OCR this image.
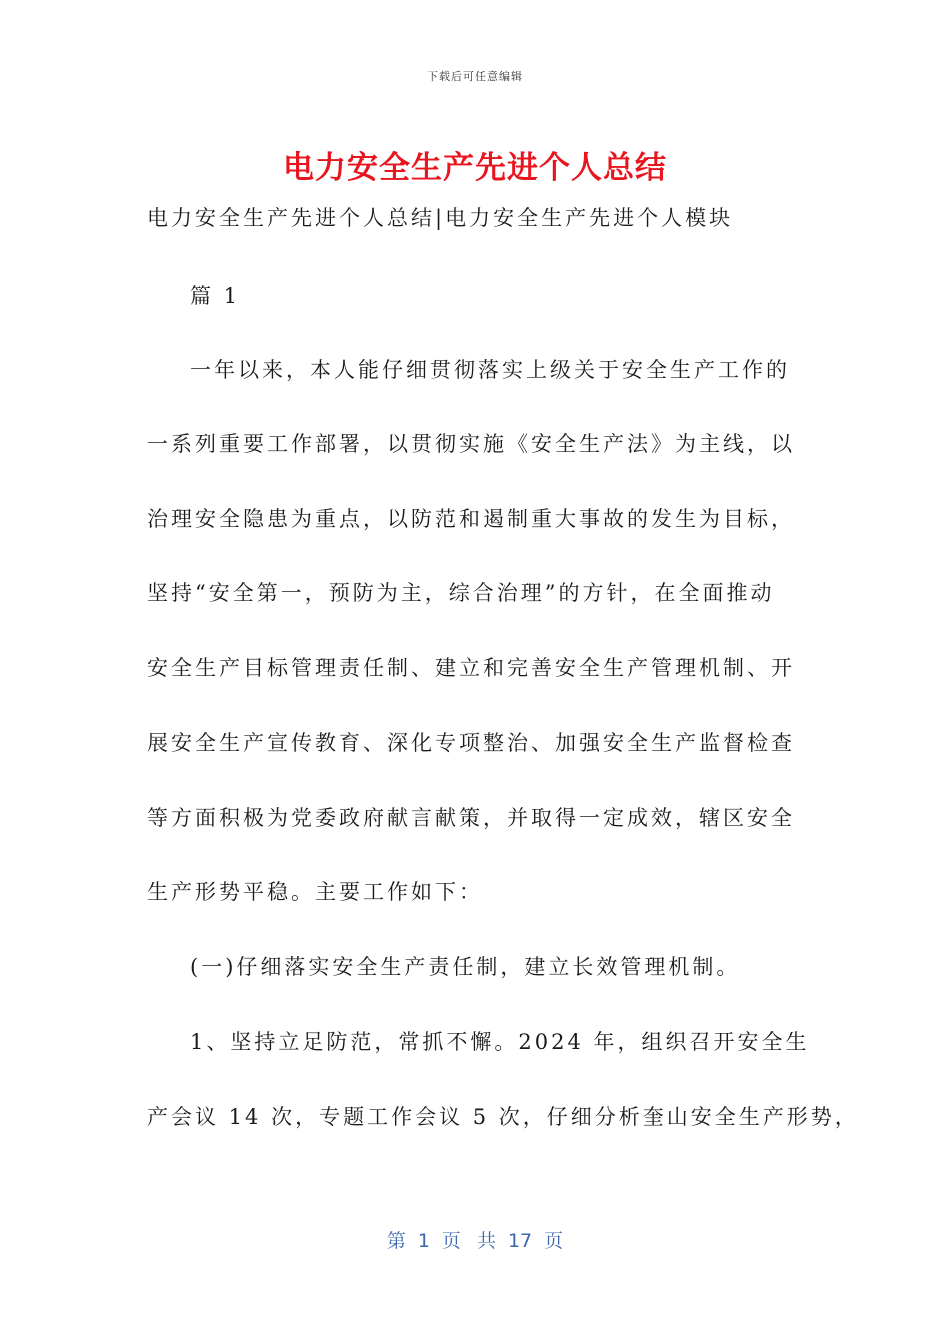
下载后可任意编辑
电力安全生产先进个人总结
电力安全生产先进个人总结|电力安全生产先进个人模块
篇 1
一年以来，本人能仔细贯彻落实上级关于安全生产工作的
一系列重要工作部署，以贯彻实施《安全生产法》为主线，以
治理安全隐患为重点，以防范和遏制重大事故的发生为目标，
坚持“安全第一，预防为主，综合治理”的方针，在全面推动
安全生产目标管理责任制、建立和完善安全生产管理机制、开
展安全生产宣传教育、深化专项整治、加强安全生产监督检查
等方面积极为党委政府献言献策，并取得一定成效，辖区安全
生产形势平稳。主要工作如下：
(一)仔细落实安全生产责任制，建立长效管理机制。
1、坚持立足防范，常抓不懈。2024 年，组织召开安全生
产会议 14 次，专题工作会议 5 次，仔细分析奎山安全生产形势，
第 1 页 共 17 页
